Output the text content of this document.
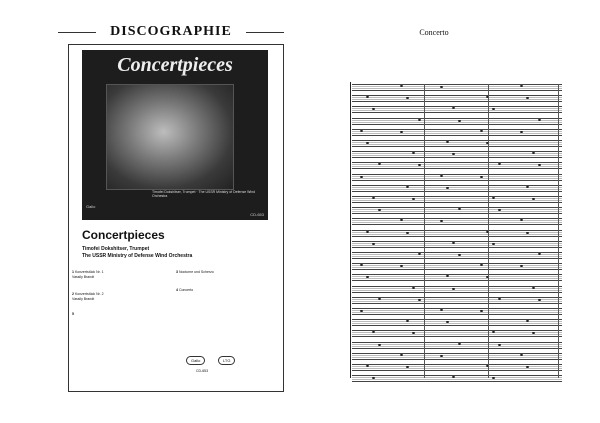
DISCOGRAPHIE
Concertpieces
Timofei Dokshitser, Trumpet · The USSR Ministry of Defense Wind Orchestra
Gallo
CD-653
Concertpieces
Timofei Dokshitser, Trumpet
The USSR Ministry of Defense Wind Orchestra
1 Konzertstück Nr. 1
Vassily Brandt
2 Konzertstück Nr. 2
Vassily Brandt
5

3 Nocturne und Scherzo

4 Concerto

Gallo	LTG
CD-653
Concerto
